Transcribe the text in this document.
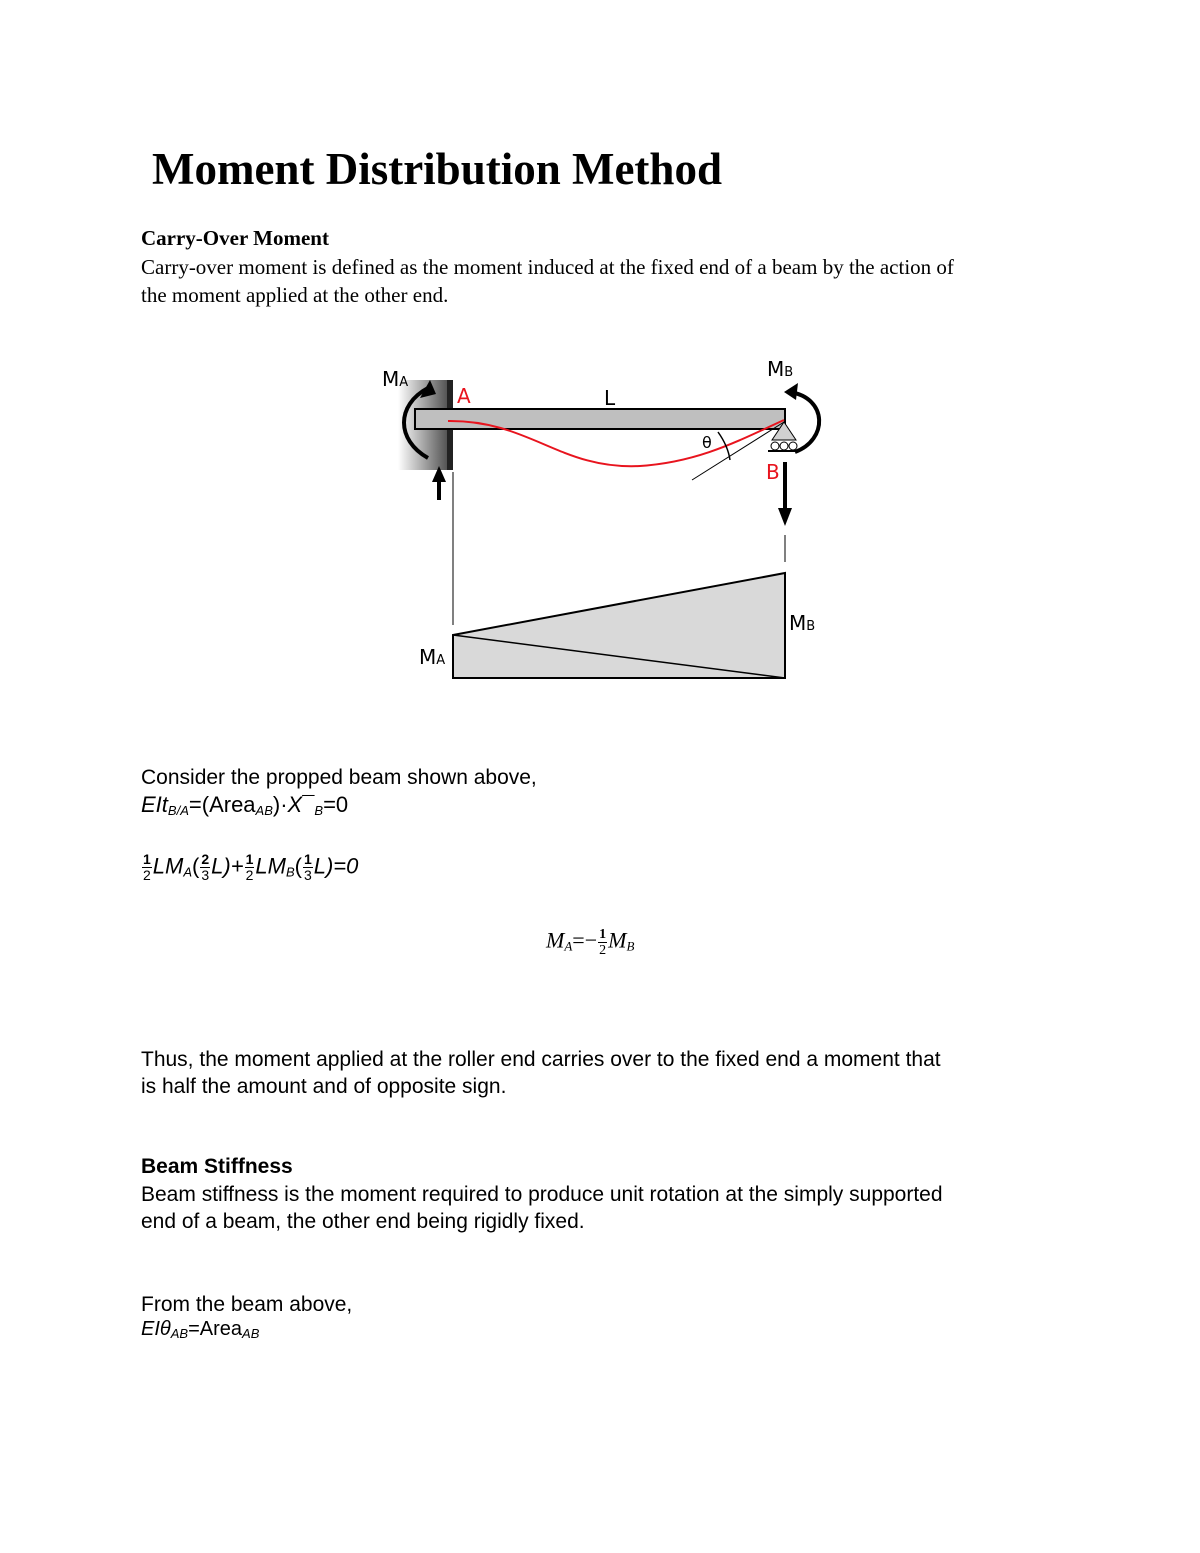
Moment Distribution Method
Carry-Over Moment
Carry-over moment is defined as the moment induced at the fixed end of a beam by the action of
the moment applied at the other end.
MA
MB
A	L
θ
B
MB
MA
Consider the propped beam shown above,
$EIt_{B/A}=(Area_{AB})\cdot X¯_B=0$
$\frac{1}{2} LM_A( \frac{2}{3} L)+ \frac{1}{2} LM_B( \frac{1}{3} L)=0$
$M_A=- \frac{1}{2} M_B$
Thus, the moment applied at the roller end carries over to the fixed end a moment that
is half the amount and of opposite sign.
Beam Stiffness
Beam stiffness is the moment required to produce unit rotation at the simply supported
end of a beam, the other end being rigidly fixed.
From the beam above,
EIθ$_{AB}$=Area$_{AB}$
